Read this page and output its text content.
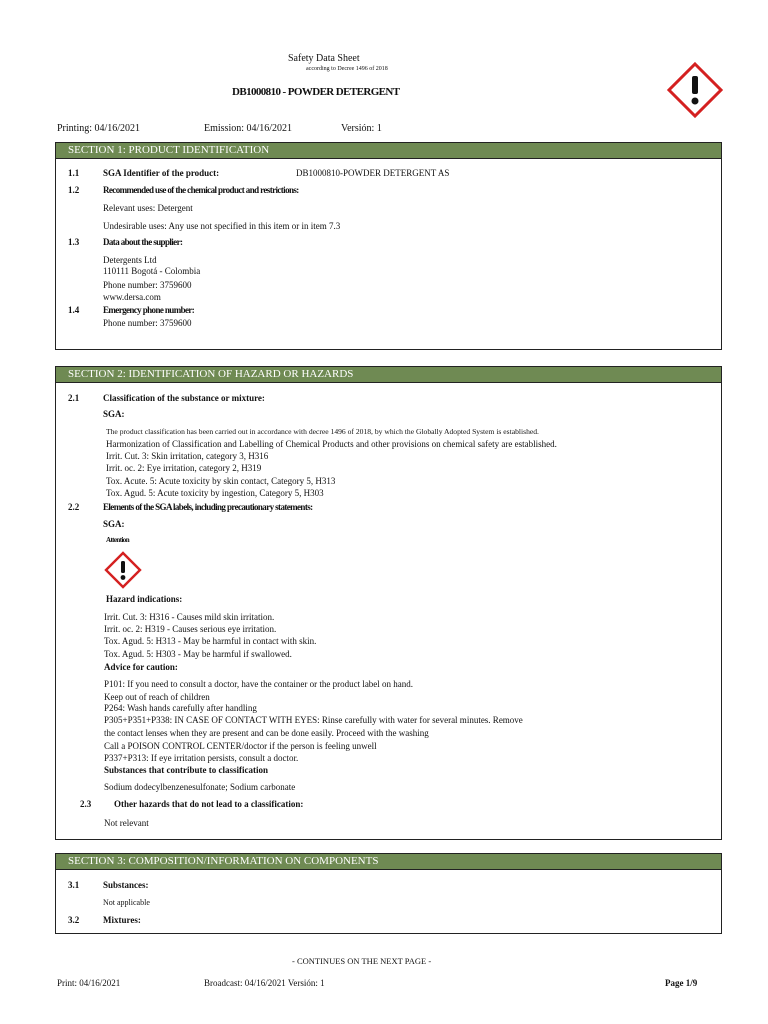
Safety Data Sheet
according to Decree 1496 of 2018
DB1000810 - POWDER DETERGENT
Printing: 04/16/2021	Emission: 04/16/2021	Versión: 1
SECTION 1: PRODUCT IDENTIFICATION
1.1	SGA Identifier of the product:	DB1000810-POWDER DETERGENT AS
1.2	Recommended use of the chemical product and restrictions:
Relevant uses: Detergent
Undesirable uses: Any use not specified in this item or in item 7.3
1.3	Data about the supplier:
Detergents Ltd
110111 Bogotá - Colombia
Phone number: 3759600
www.dersa.com
1.4	Emergency phone number:
Phone number: 3759600
SECTION 2: IDENTIFICATION OF HAZARD OR HAZARDS
2.1	Classification of the substance or mixture:
SGA:
The product classification has been carried out in accordance with decree 1496 of 2018, by which the Globally Adopted System is established.
Harmonization of Classification and Labelling of Chemical Products and other provisions on chemical safety are established.
Irrit. Cut. 3: Skin irritation, category 3, H316
Irrit. oc. 2: Eye irritation, category 2, H319
Tox. Acute. 5: Acute toxicity by skin contact, Category 5, H313
Tox. Agud. 5: Acute toxicity by ingestion, Category 5, H303
2.2	Elements of the SGA labels, including precautionary statements:
SGA:
Attention
Hazard indications:
Irrit. Cut. 3: H316 - Causes mild skin irritation.
Irrit. oc. 2: H319 - Causes serious eye irritation.
Tox. Agud. 5: H313 - May be harmful in contact with skin.
Tox. Agud. 5: H303 - May be harmful if swallowed.
Advice for caution:
P101: If you need to consult a doctor, have the container or the product label on hand.
Keep out of reach of children
P264: Wash hands carefully after handling
P305+P351+P338: IN CASE OF CONTACT WITH EYES: Rinse carefully with water for several minutes. Remove
the contact lenses when they are present and can be done easily. Proceed with the washing
Call a POISON CONTROL CENTER/doctor if the person is feeling unwell
P337+P313: If eye irritation persists, consult a doctor.
Substances that contribute to classification
Sodium dodecylbenzenesulfonate; Sodium carbonate
2.3	Other hazards that do not lead to a classification:
Not relevant
SECTION 3: COMPOSITION/INFORMATION ON COMPONENTS
3.1	Substances:
Not applicable
3.2	Mixtures:
- CONTINUES ON THE NEXT PAGE -
Print: 04/16/2021	Broadcast: 04/16/2021 Versión: 1	Page 1/9
